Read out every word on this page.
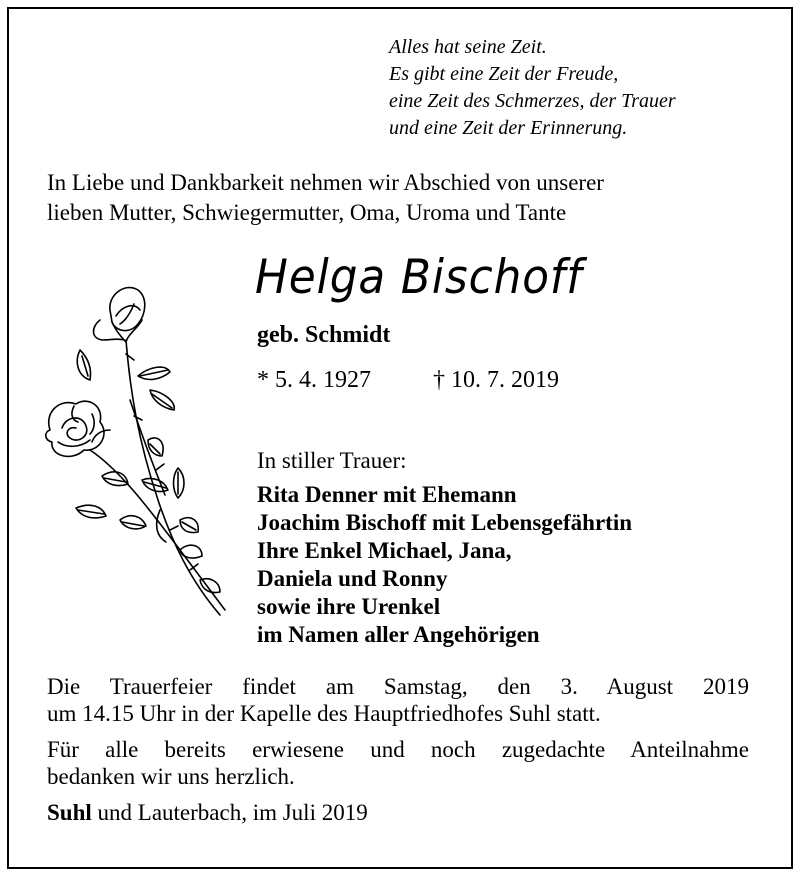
Alles hat seine Zeit.
Es gibt eine Zeit der Freude,
eine Zeit des Schmerzes, der Trauer
und eine Zeit der Erinnerung.
In Liebe und Dankbarkeit nehmen wir Abschied von unserer
lieben Mutter, Schwiegermutter, Oma, Uroma und Tante
Helga Bischoff
geb. Schmidt
* 5. 4. 1927	† 10. 7. 2019
In stiller Trauer:
Rita Denner mit Ehemann
Joachim Bischoff mit Lebensgefährtin
Ihre Enkel Michael, Jana,
Daniela und Ronny
sowie ihre Urenkel
im Namen aller Angehörigen
Die Trauerfeier findet am Samstag, den 3. August 2019
um 14.15 Uhr in der Kapelle des Hauptfriedhofes Suhl statt.
Für alle bereits erwiesene und noch zugedachte Anteilnahme
bedanken wir uns herzlich.
Suhl und Lauterbach, im Juli 2019
